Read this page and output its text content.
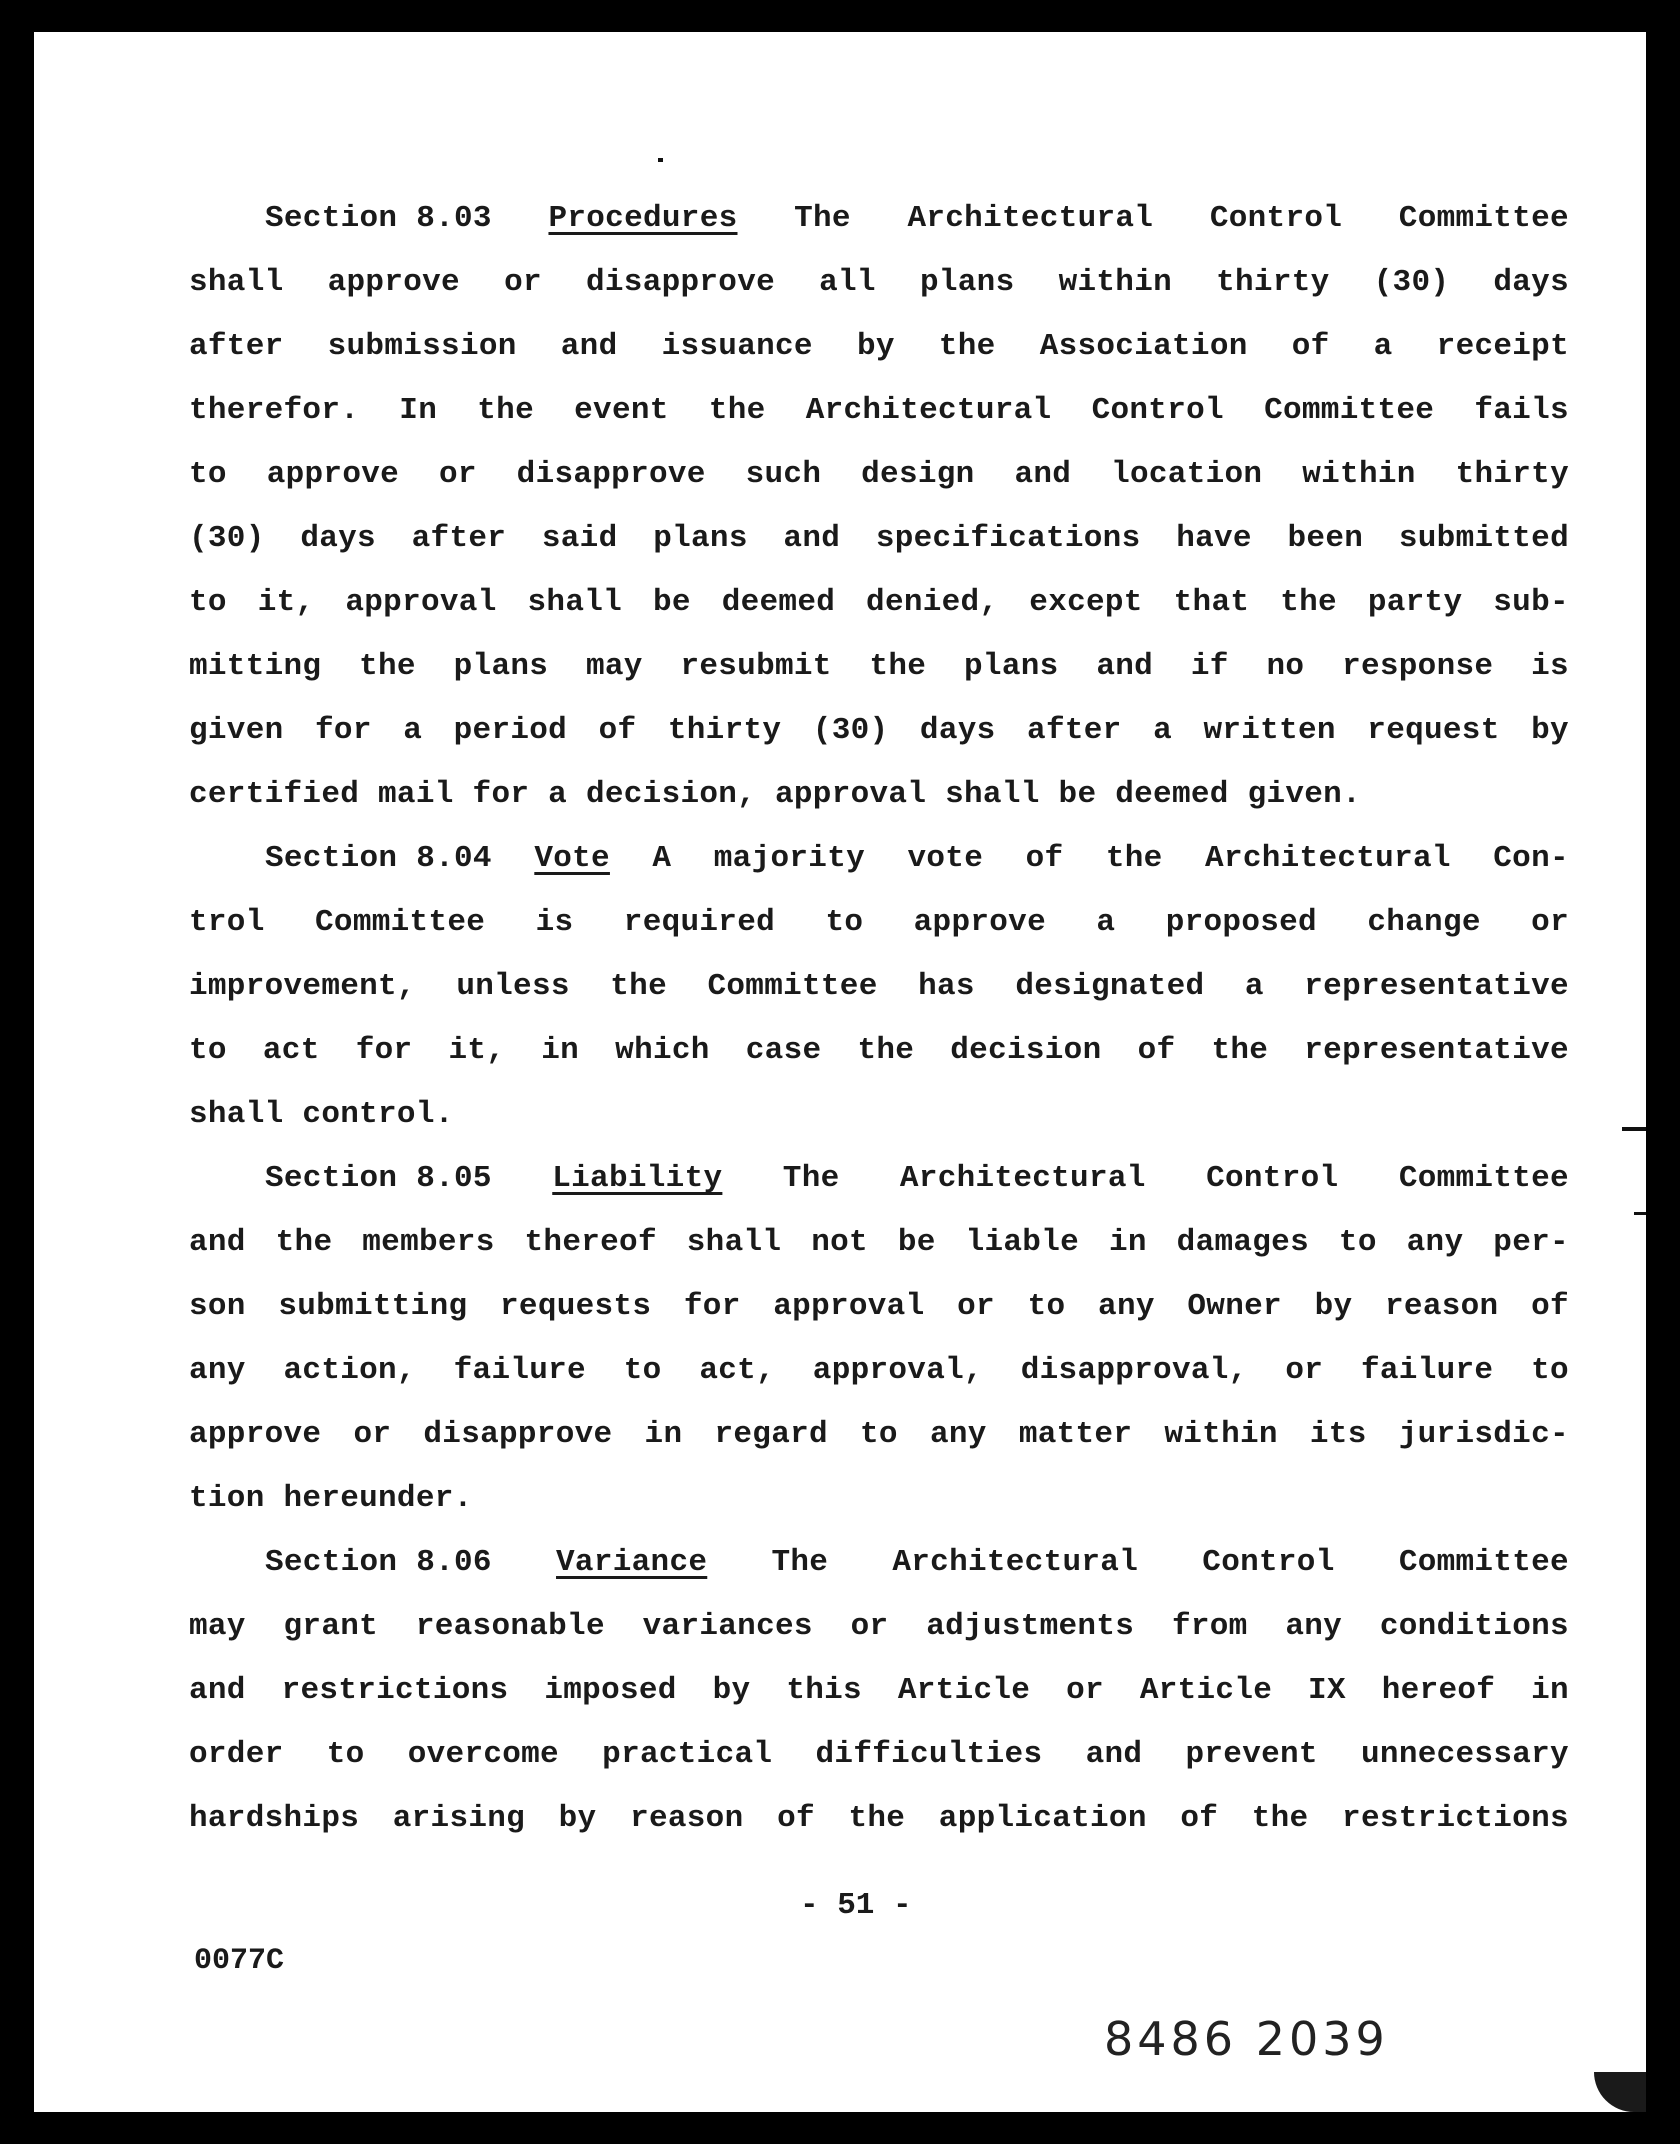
Section 8.03 Procedures The Architectural Control Committee
shall approve or disapprove all plans within thirty (30) days
after submission and issuance by the Association of a receipt
therefor. In the event the Architectural Control Committee fails
to approve or disapprove such design and location within thirty
(30) days after said plans and specifications have been submitted
to it, approval shall be deemed denied, except that the party sub-
mitting the plans may resubmit the plans and if no response is
given for a period of thirty (30) days after a written request by
certified mail for a decision, approval shall be deemed given.
Section 8.04 Vote A majority vote of the Architectural Con-
trol Committee is required to approve a proposed change or
improvement, unless the Committee has designated a representative
to act for it, in which case the decision of the representative
shall control.
Section 8.05 Liability The Architectural Control Committee
and the members thereof shall not be liable in damages to any per-
son submitting requests for approval or to any Owner by reason of
any action, failure to act, approval, disapproval, or failure to
approve or disapprove in regard to any matter within its jurisdic-
tion hereunder.
Section 8.06 Variance The Architectural Control Committee
may grant reasonable variances or adjustments from any conditions
and restrictions imposed by this Article or Article IX hereof in
order to overcome practical difficulties and prevent unnecessary
hardships arising by reason of the application of the restrictions
- 51 -
0077C
8486 2039
